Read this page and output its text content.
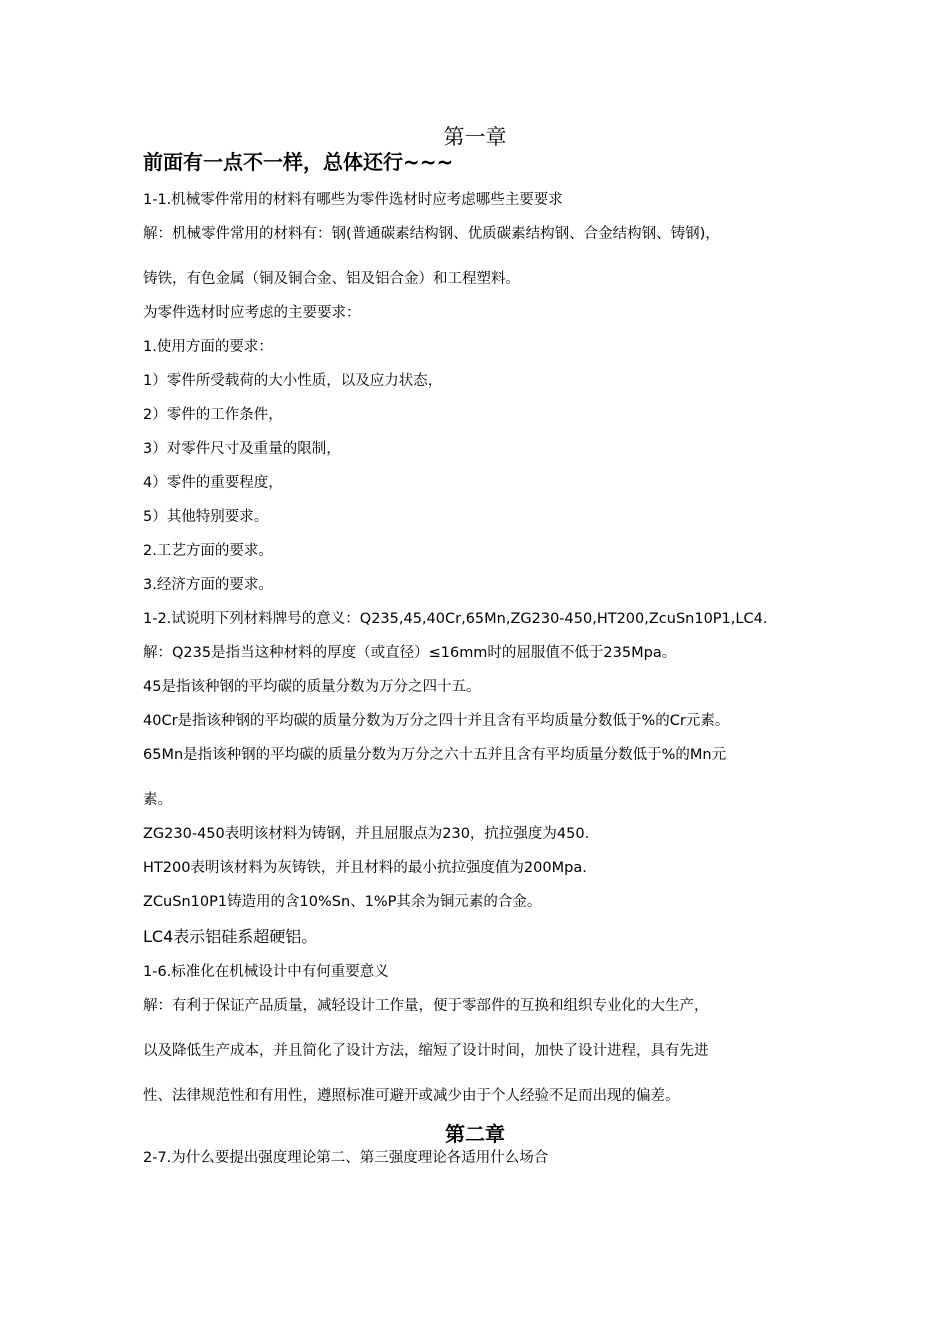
第一章
前面有一点不一样，总体还行~~~

1-1.机械零件常用的材料有哪些为零件选材时应考虑哪些主要要求

解：机械零件常用的材料有：钢(普通碳素结构钢、优质碳素结构钢、合金结构钢、铸钢)，

铸铁，有色金属（铜及铜合金、铝及铝合金）和工程塑料。

为零件选材时应考虑的主要要求：

1.使用方面的要求：

1）零件所受载荷的大小性质，以及应力状态，

2）零件的工作条件，

3）对零件尺寸及重量的限制，

4）零件的重要程度，

5）其他特别要求。

2.工艺方面的要求。

3.经济方面的要求。

1-2.试说明下列材料牌号的意义：Q235,45,40Cr,65Mn,ZG230-450,HT200,ZcuSn10P1,LC4.

解：Q235是指当这种材料的厚度（或直径）≤16mm时的屈服值不低于235Mpa。

45是指该种钢的平均碳的质量分数为万分之四十五。

40Cr是指该种钢的平均碳的质量分数为万分之四十并且含有平均质量分数低于%的Cr元素。

65Mn是指该种钢的平均碳的质量分数为万分之六十五并且含有平均质量分数低于%的Mn元

素。

ZG230-450表明该材料为铸钢，并且屈服点为230，抗拉强度为450.

HT200表明该材料为灰铸铁，并且材料的最小抗拉强度值为200Mpa.

ZCuSn10P1铸造用的含10%Sn、1%P其余为铜元素的合金。

LC4表示铝硅系超硬铝。

1-6.标准化在机械设计中有何重要意义

解：有利于保证产品质量，减轻设计工作量，便于零部件的互换和组织专业化的大生产，

以及降低生产成本，并且简化了设计方法，缩短了设计时间，加快了设计进程，具有先进

性、法律规范性和有用性，遵照标准可避开或减少由于个人经验不足而出现的偏差。

第二章

2-7.为什么要提出强度理论第二、第三强度理论各适用什么场合
